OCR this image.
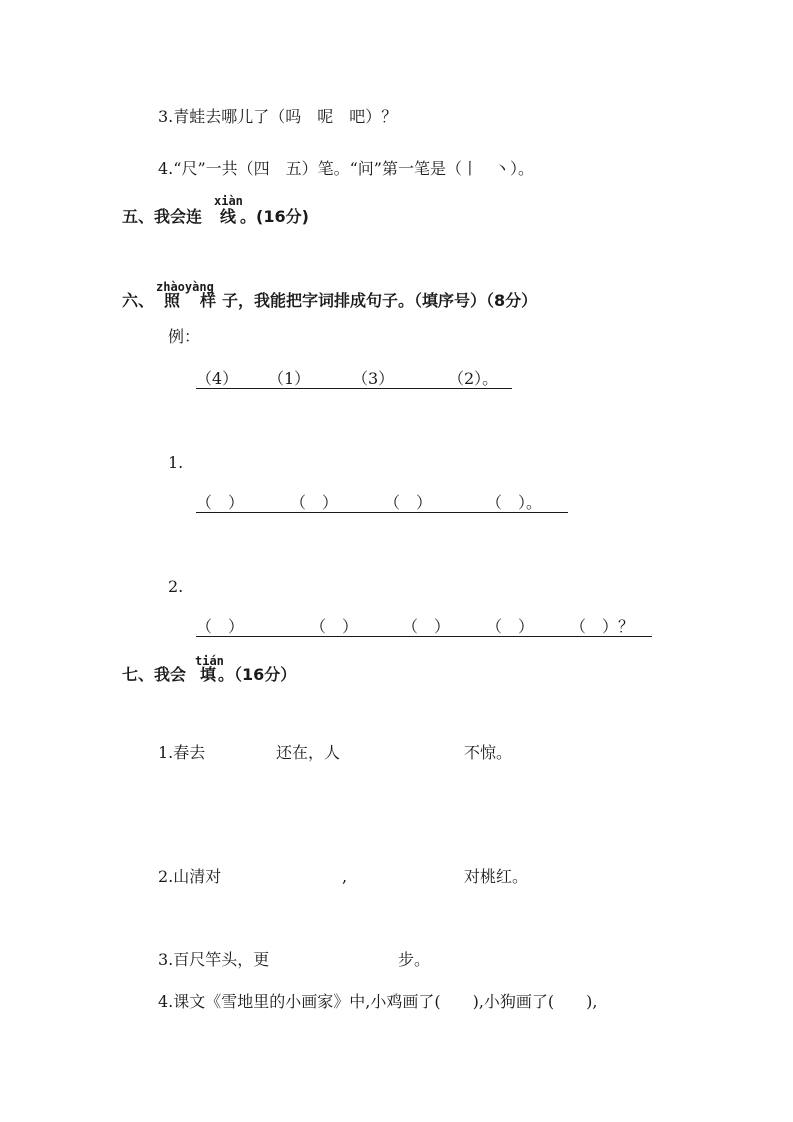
3.青蛙去哪儿了（吗　呢　吧）？
4.“尺”一共（四　五）笔。“问”第一笔是（丨　丶）。
xiàn
五、我会连 线 。(16分)
zhàoyàng
六、 照 样 子，我能把字词排成句子。（填序号）（8分）
例：
（4） （1）	（3）	（2）。
1.
（　）	（　）	（　）	（　）。
2.
（　）	（　）	（　） （　） （　）？
tián
七、我会 填 。（16分）
1.春去	还在，人	不惊。
2.山清对	,	对桃红。
3.百尺竿头，更	步。
4.课文《雪地里的小画家》中,小鸡画了(　　),小狗画了(　　),
